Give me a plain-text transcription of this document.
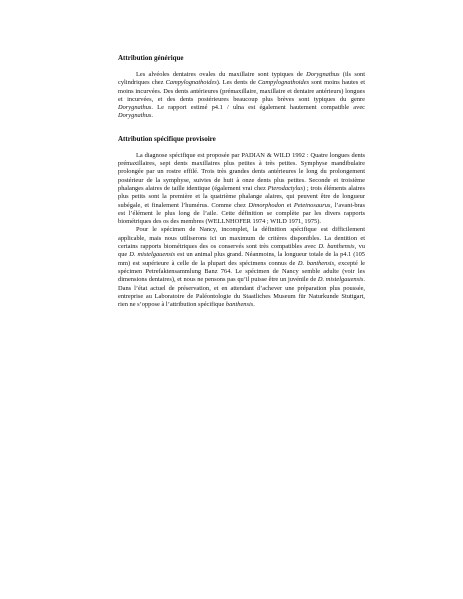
Attribution générique

Les alvéoles dentaires ovales du maxillaire sont typiques de Dorygnathus (ils sont cylindriques chez Campylognathoides). Les dents de Campylognathoides sont moins hautes et moins incurvées. Des dents antérieures (prémaxillaire, maxillaire et dentaire antérieurs) longues et incurvées, et des dents postérieures beaucoup plus brèves sont typiques du genre Dorygnathus. Le rapport estimé p4.1 / ulna est également hautement compatible avec Dorygnathus.

Attribution spécifique provisoire

La diagnose spécifique est proposée par PADIAN & WILD 1992 : Quatre longues dents prémaxillaires, sept dents maxillaires plus petites à très petites. Symphyse mandibulaire prolongée par un rostre effilé. Trois très grandes dents antérieures le long du prolongement postérieur de la symphyse, suivies de huit à onze dents plus petites. Seconde et troisième phalanges alaires de taille identique (également vrai chez Pterodactylus) ; trois éléments alaires plus petits sont la première et la quatrième phalange alaires, qui peuvent être de longueur subégale, et finalement l’humérus. Comme chez Dimorphodon et Peteinosaurus, l’avant-bras est l’élément le plus long de l’aile. Cette définition se complète par les divers rapports biométriques des os des membres (WELLNHOFER 1974 ; WILD 1971, 1975).

Pour le spécimen de Nancy, incomplet, la définition spécifique est difficilement applicable, mais nous utiliserons ici un maximum de critères disponibles. La dentition et certains rapports biométriques des os conservés sont très compatibles avec D. banthensis, vu que D. mistelgauensis est un animal plus grand. Néanmoins, la longueur totale de la p4.1 (105 mm) est supérieure à celle de la plupart des spécimens connus de D. banthensis, excepté le spécimen Petrefaktensammlung Banz 764. Le spécimen de Nancy semble adulte (voir les dimensions dentaires), et nous ne pensons pas qu’il puisse être un juvénile de D. mistelgauensis. Dans l’état actuel de préservation, et en attendant d’achever une préparation plus poussée, entreprise au Laboratoire de Paléontologie du Staatliches Museum für Naturkunde Stuttgart, rien ne s’oppose à l’attribution spécifique banthensis.
